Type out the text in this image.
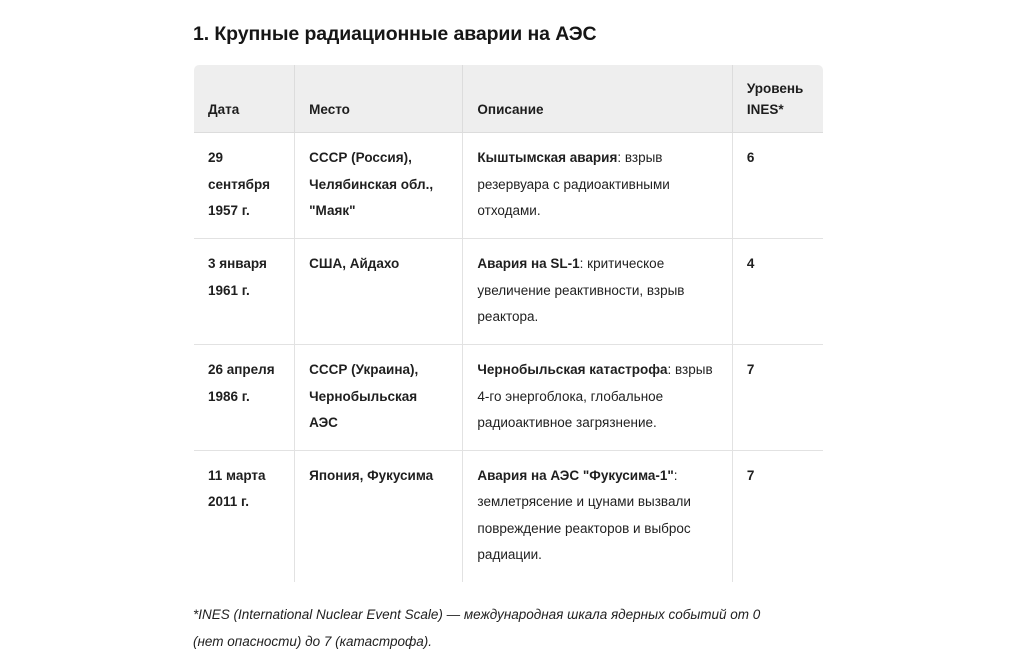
1. Крупные радиационные аварии на АЭС
Дата	Место	Описание	Уровень
INES*
29 сентября 1957 г.	СССР (Россия), Челябинская обл., "Маяк"	Кыштымская авария: взрыв резервуара с радиоактивными отходами.	6
3 января 1961 г.	США, Айдахо	Авария на SL-1: критическое увеличение реактивности, взрыв реактора.	4
26 апреля 1986 г.	СССР (Украина), Чернобыльская АЭС	Чернобыльская катастрофа: взрыв 4-го энергоблока, глобальное радиоактивное загрязнение.	7
11 марта 2011 г.	Япония, Фукусима	Авария на АЭС "Фукусима-1": землетрясение и цунами вызвали повреждение реакторов и выброс радиации.	7

*INES (International Nuclear Event Scale) — международная шкала ядерных событий от 0 (нет опасности) до 7 (катастрофа).
